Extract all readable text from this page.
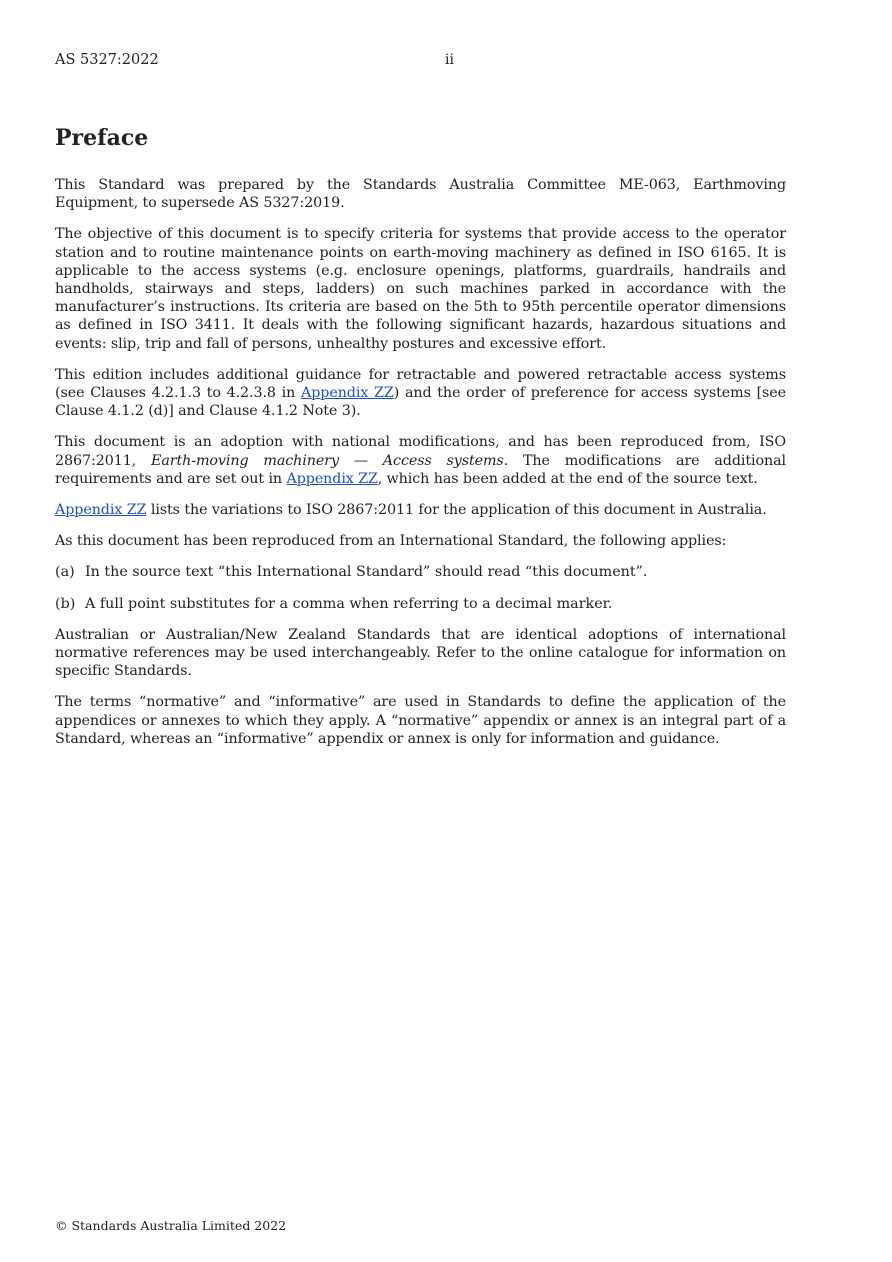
AS 5327:2022	ii
Preface

This Standard was prepared by the Standards Australia Committee ME-063, Earthmoving Equipment, to supersede AS 5327:2019.

The objective of this document is to specify criteria for systems that provide access to the operator station and to routine maintenance points on earth-moving machinery as defined in ISO 6165. It is applicable to the access systems (e.g. enclosure openings, platforms, guardrails, handrails and handholds, stairways and steps, ladders) on such machines parked in accordance with the manufacturer’s instructions. Its criteria are based on the 5th to 95th percentile operator dimensions as defined in ISO 3411. It deals with the following significant hazards, hazardous situations and events: slip, trip and fall of persons, unhealthy postures and excessive effort.

This edition includes additional guidance for retractable and powered retractable access systems (see Clauses 4.2.1.3 to 4.2.3.8 in Appendix ZZ) and the order of preference for access systems [see Clause 4.1.2 (d)] and Clause 4.1.2 Note 3).

This document is an adoption with national modifications, and has been reproduced from, ISO 2867:2011, Earth-moving machinery — Access systems. The modifications are additional requirements and are set out in Appendix ZZ, which has been added at the end of the source text.

Appendix ZZ lists the variations to ISO 2867:2011 for the application of this document in Australia.

As this document has been reproduced from an International Standard, the following applies:

(a) In the source text “this International Standard” should read “this document”.
(b) A full point substitutes for a comma when referring to a decimal marker.

Australian or Australian/New Zealand Standards that are identical adoptions of international normative references may be used interchangeably. Refer to the online catalogue for information on specific Standards.

The terms “normative” and “informative” are used in Standards to define the application of the appendices or annexes to which they apply. A “normative” appendix or annex is an integral part of a Standard, whereas an “informative” appendix or annex is only for information and guidance.

© Standards Australia Limited 2022
